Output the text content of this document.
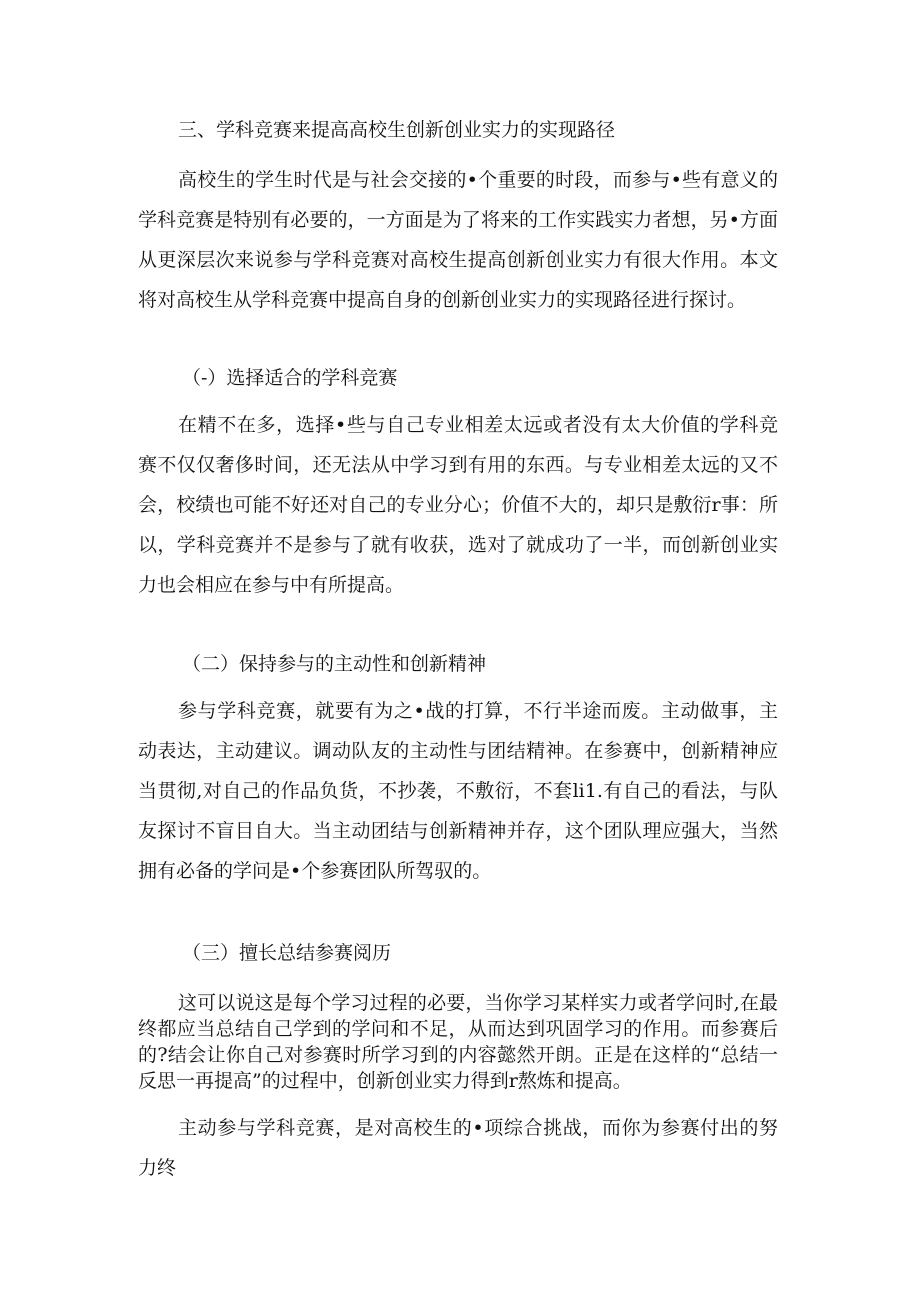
三、学科竞赛来提高高校生创新创业实力的实现路径

高校生的学生时代是与社会交接的•个重要的时段，而参与•些有意义的学科竞赛是特别有必要的，一方面是为了将来的工作实践实力者想，另•方面从更深层次来说参与学科竞赛对高校生提高创新创业实力有很大作用。本文将对高校生从学科竞赛中提高自身的创新创业实力的实现路径进行探讨。

（-）选择适合的学科竞赛

在精不在多，选择•些与自己专业相差太远或者没有太大价值的学科竞赛不仅仅奢侈时间，还无法从中学习到有用的东西。与专业相差太远的又不会，校绩也可能不好还对自己的专业分心；价值不大的，却只是敷衍r事：所以，学科竞赛并不是参与了就有收获，选对了就成功了一半，而创新创业实力也会相应在参与中有所提高。

（二）保持参与的主动性和创新精神

参与学科竞赛，就要有为之•战的打算，不行半途而废。主动做事，主动表达，主动建议。调动队友的主动性与团结精神。在参赛中，创新精神应当贯彻,对自己的作品负货，不抄袭，不敷衍，不套li1.有自己的看法，与队友探讨不盲目自大。当主动团结与创新精神并存，这个团队理应强大，当然拥有必备的学问是•个参赛团队所驾驭的。

（三）擅长总结参赛阅历

这可以说这是每个学习过程的必要，当你学习某样实力或者学问时,在最终都应当总结自己学到的学问和不足，从而达到巩固学习的作用。而参赛后的?结会让你自己对参赛时所学习到的内容懿然开朗。正是在这样的“总结一反思一再提高”的过程中，创新创业实力得到r熬炼和提高。

主动参与学科竞赛，是对高校生的•项综合挑战，而你为参赛付出的努力终
